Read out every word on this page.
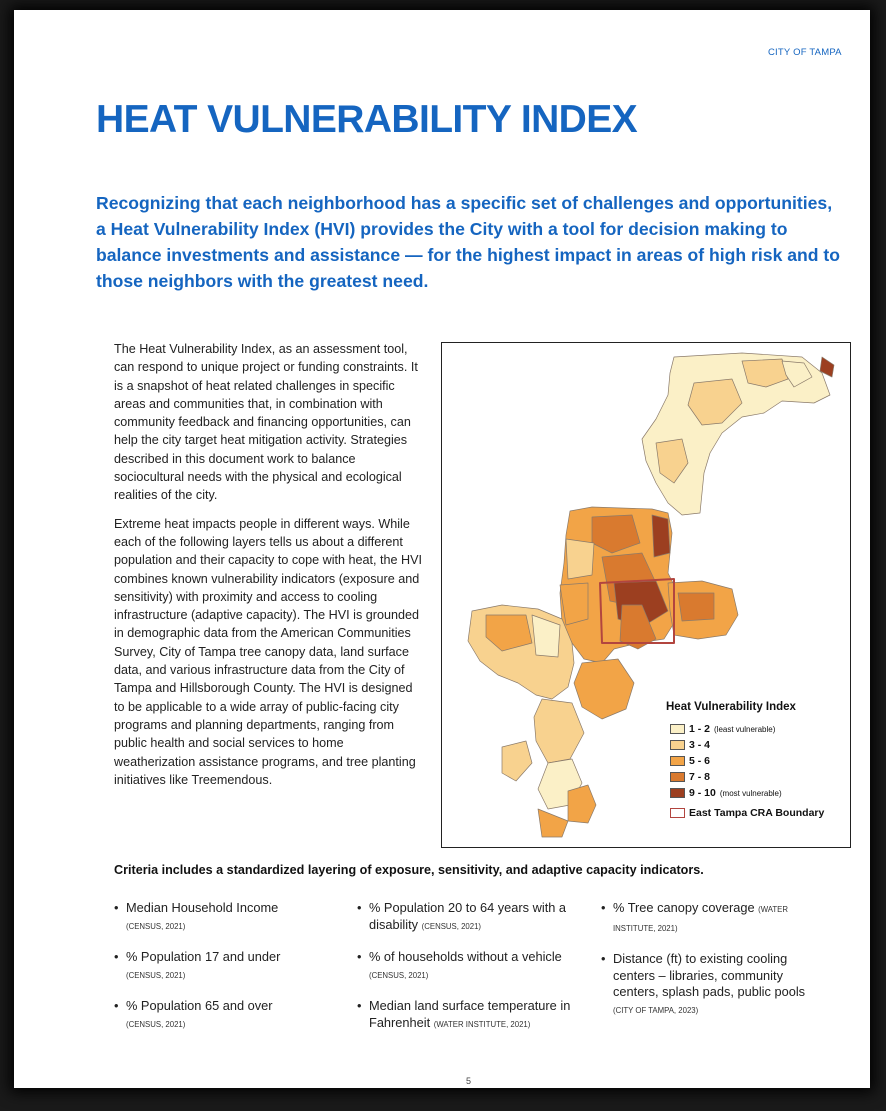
CITY OF TAMPA
HEAT VULNERABILITY INDEX

Recognizing that each neighborhood has a specific set of challenges and opportunities, a Heat Vulnerability Index (HVI) provides the City with a tool for decision making to balance investments and assistance — for the highest impact in areas of high risk and to those neighbors with the greatest need.

The Heat Vulnerability Index, as an assessment tool, can respond to unique project or funding constraints. It is a snapshot of heat related challenges in specific areas and communities that, in combination with community feedback and financing opportunities, can help the city target heat mitigation activity. Strategies described in this document work to balance sociocultural needs with the physical and ecological realities of the city.

Extreme heat impacts people in different ways. While each of the following layers tells us about a different population and their capacity to cope with heat, the HVI combines known vulnerability indicators (exposure and sensitivity) with proximity and access to cooling infrastructure (adaptive capacity). The HVI is grounded in demographic data from the American Communities Survey, City of Tampa tree canopy data, land surface data, and various infrastructure data from the City of Tampa and Hillsborough County. The HVI is designed to be applicable to a wide array of public-facing city programs and planning departments, ranging from public health and social services to home weatherization assistance programs, and tree planting initiatives like Treemendous.

Heat Vulnerability Index
1 - 2 (least vulnerable)
3 - 4
5 - 6
7 - 8
9 - 10 (most vulnerable)
East Tampa CRA Boundary

Criteria includes a standardized layering of exposure, sensitivity, and adaptive capacity indicators.

• Median Household Income
(CENSUS, 2021)
• % Population 17 and under
(CENSUS, 2021)
• % Population 65 and over
(CENSUS, 2021)
• % Population 20 to 64 years with a disability (CENSUS, 2021)
• % of households without a vehicle
(CENSUS, 2021)
• Median land surface temperature in Fahrenheit (WATER INSTITUTE, 2021)
• % Tree canopy coverage (WATER INSTITUTE, 2021)
• Distance (ft) to existing cooling centers – libraries, community centers, splash pads, public pools
(CITY OF TAMPA, 2023)
5
